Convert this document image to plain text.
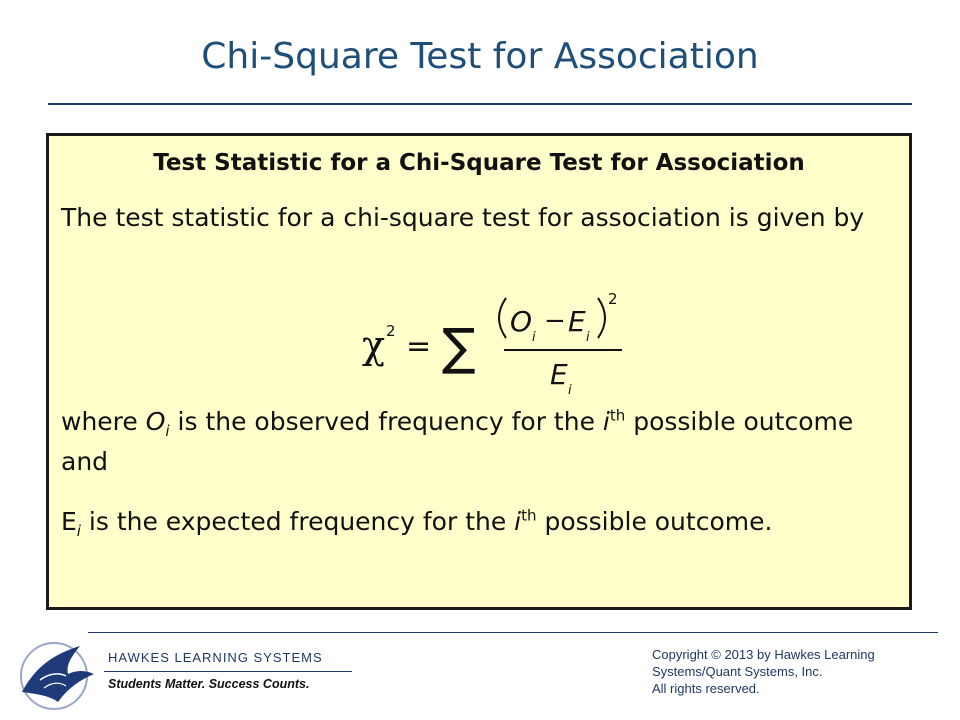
Chi-Square Test for Association
Test Statistic for a Chi-Square Test for Association
The test statistic for a chi-square test for association is given by
χ 2 = ∑ O i
− E i
2
E i
where $O_i$ is the observed frequency for the $i^{th}$ possible outcome and
$E_i$ is the expected frequency for the $i^{th}$ possible outcome.
HAWKES LEARNING SYSTEMS
Students Matter. Success Counts.
Copyright © 2013 by Hawkes Learning
Systems/Quant Systems, Inc.
All rights reserved.
